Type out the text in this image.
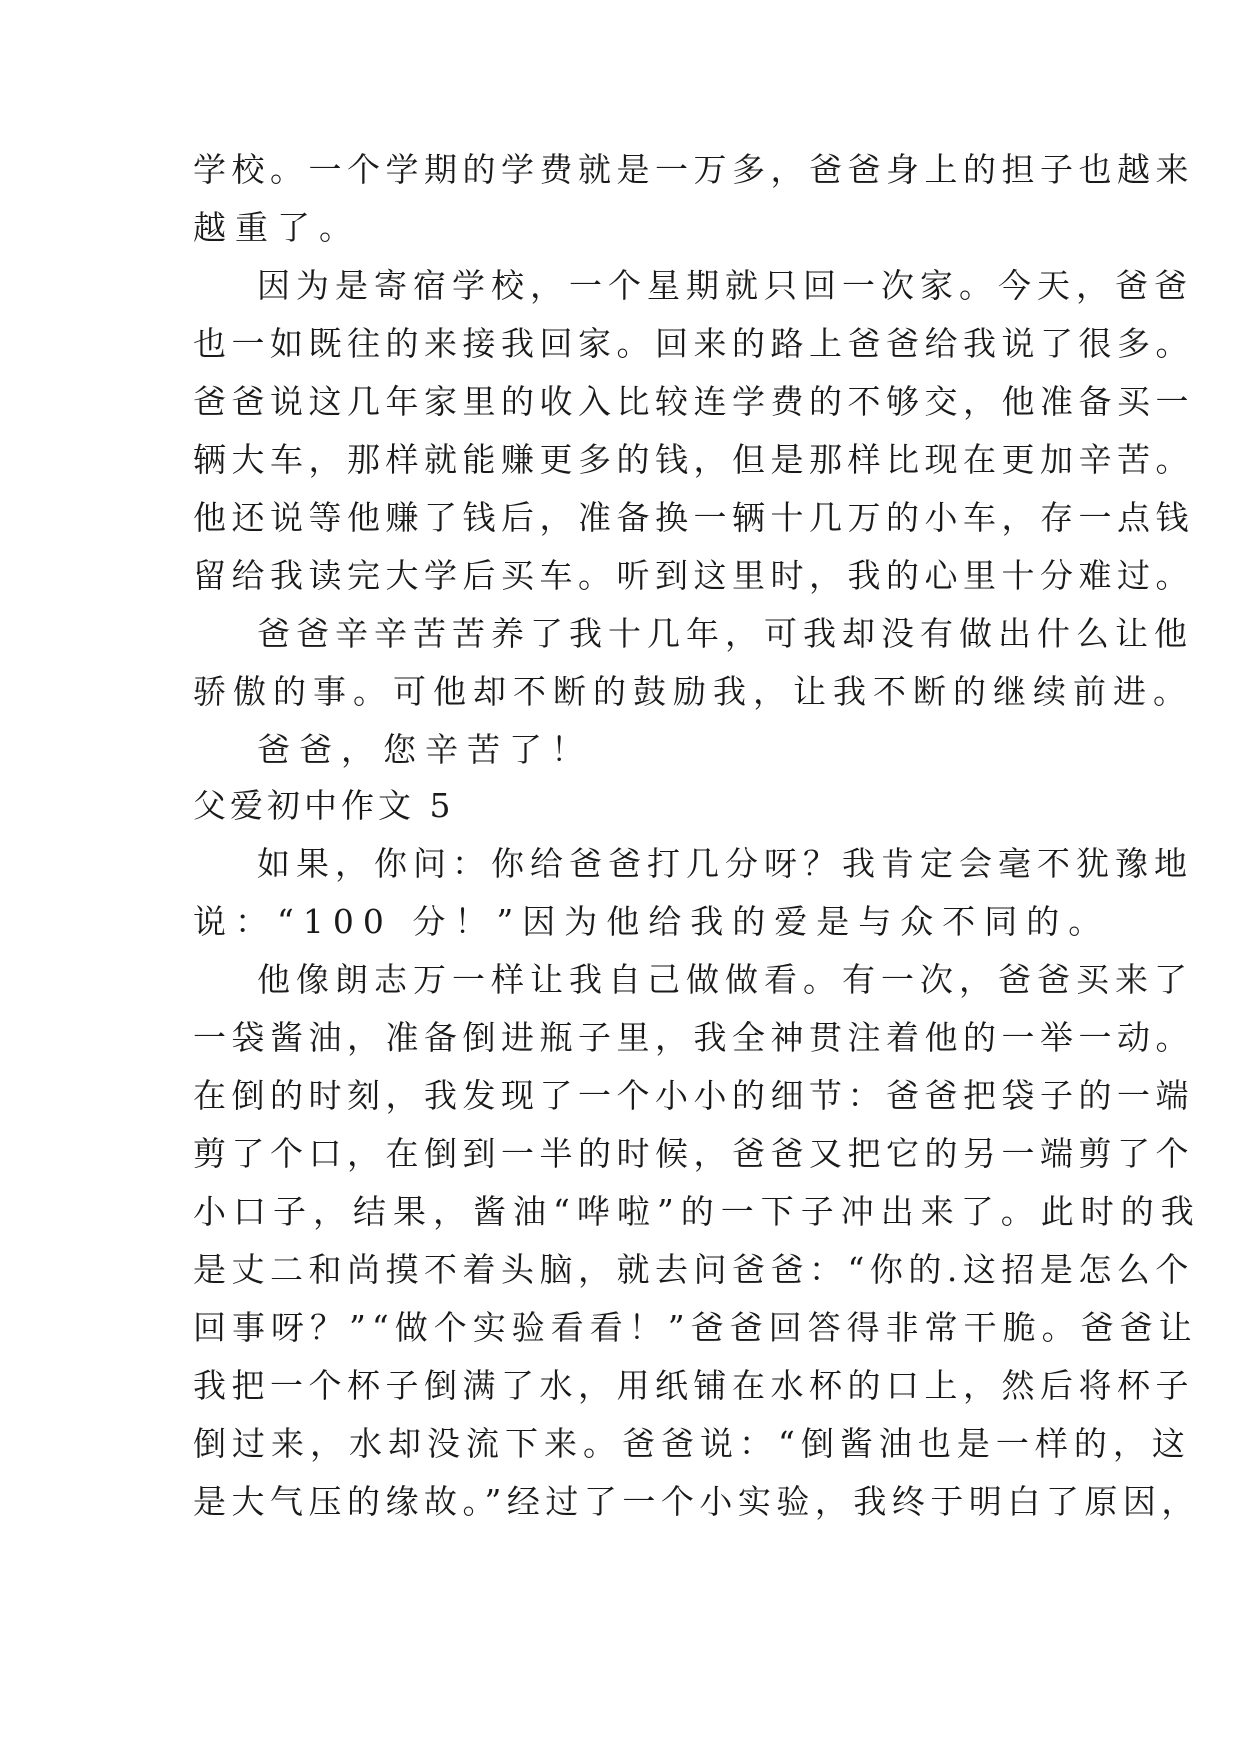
学校。一个学期的学费就是一万多，爸爸身上的担子也越来
越重了。
因为是寄宿学校，一个星期就只回一次家。今天，爸爸
也一如既往的来接我回家。回来的路上爸爸给我说了很多。
爸爸说这几年家里的收入比较连学费的不够交，他准备买一
辆大车，那样就能赚更多的钱，但是那样比现在更加辛苦。
他还说等他赚了钱后，准备换一辆十几万的小车，存一点钱
留给我读完大学后买车。听到这里时，我的心里十分难过。
爸爸辛辛苦苦养了我十几年，可我却没有做出什么让他
骄傲的事。可他却不断的鼓励我，让我不断的继续前进。
爸爸，您辛苦了！
父爱初中作文 5
如果，你问：你给爸爸打几分呀？我肯定会毫不犹豫地
说：“100 分！”因为他给我的爱是与众不同的。
他像朗志万一样让我自己做做看。有一次，爸爸买来了
一袋酱油，准备倒进瓶子里，我全神贯注着他的一举一动。
在倒的时刻，我发现了一个小小的细节：爸爸把袋子的一端
剪了个口，在倒到一半的时候，爸爸又把它的另一端剪了个
小口子，结果，酱油“哗啦”的一下子冲出来了。此时的我
是丈二和尚摸不着头脑，就去问爸爸：“你的.这招是怎么个
回事呀？”“做个实验看看！”爸爸回答得非常干脆。爸爸让
我把一个杯子倒满了水，用纸铺在水杯的口上，然后将杯子
倒过来，水却没流下来。爸爸说：“倒酱油也是一样的，这
是大气压的缘故。”经过了一个小实验，我终于明白了原因，
